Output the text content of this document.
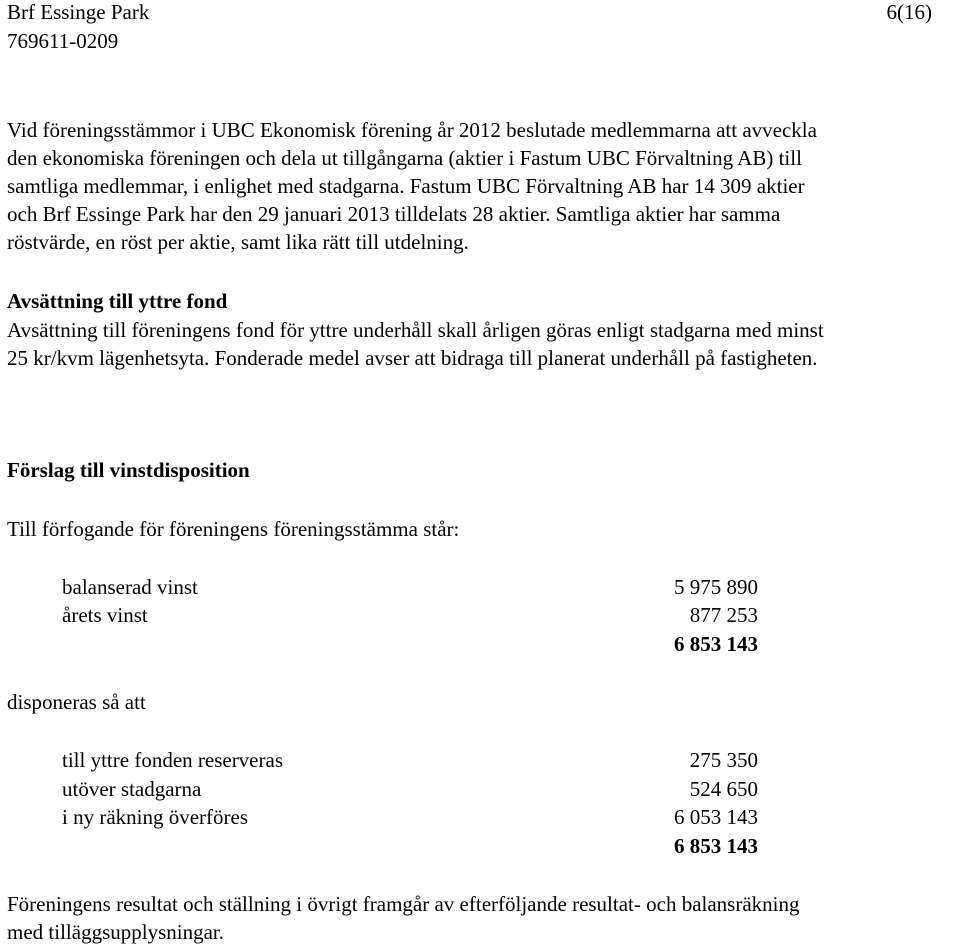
Brf Essinge Park
769611-0209
6(16)
Vid föreningsstämmor i UBC Ekonomisk förening år 2012 beslutade medlemmarna att avveckla
den ekonomiska föreningen och dela ut tillgångarna (aktier i Fastum UBC Förvaltning AB) till
samtliga medlemmar, i enlighet med stadgarna. Fastum UBC Förvaltning AB har 14 309 aktier
och Brf Essinge Park har den 29 januari 2013 tilldelats 28 aktier. Samtliga aktier har samma
röstvärde, en röst per aktie, samt lika rätt till utdelning.
Avsättning till yttre fond
Avsättning till föreningens fond för yttre underhåll skall årligen göras enligt stadgarna med minst
25 kr/kvm lägenhetsyta. Fonderade medel avser att bidraga till planerat underhåll på fastigheten.
Förslag till vinstdisposition
Till förfogande för föreningens föreningsstämma står:
balanserad vinst	5 975 890
årets vinst	877 253
6 853 143
disponeras så att
till yttre fonden reserveras	275 350
utöver stadgarna	524 650
i ny räkning överföres	6 053 143
6 853 143
Föreningens resultat och ställning i övrigt framgår av efterföljande resultat- och balansräkning
med tilläggsupplysningar.
